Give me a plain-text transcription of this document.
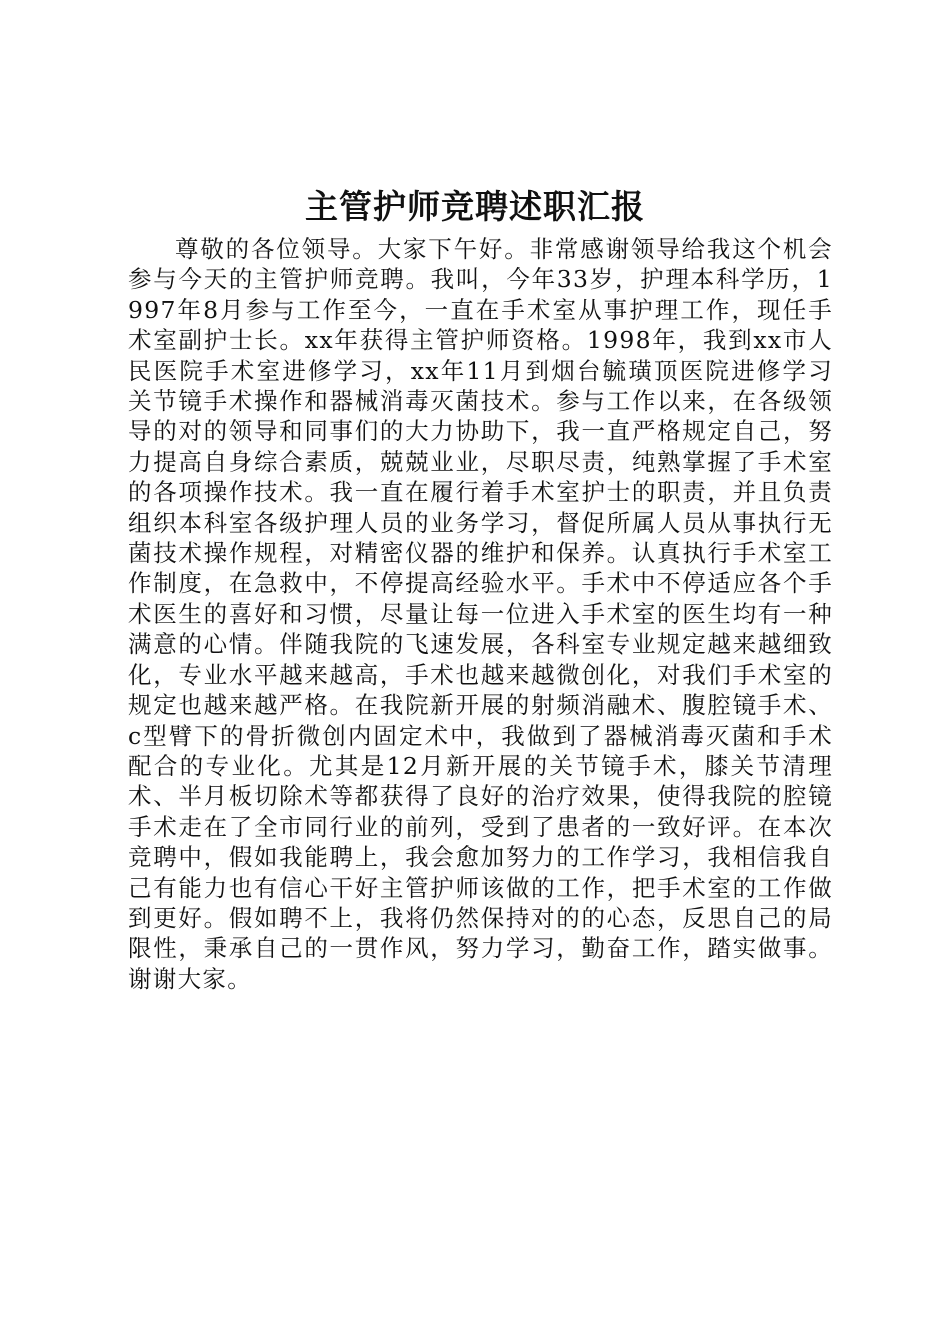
主管护师竞聘述职汇报

尊敬的各位领导。大家下午好。非常感谢领导给我这个机会参与今天的主管护师竞聘。我叫，今年33岁，护理本科学历，1997年8月参与工作至今，一直在手术室从事护理工作，现任手术室副护士长。xx年获得主管护师资格。1998年，我到xx市人民医院手术室进修学习，xx年11月到烟台毓璜顶医院进修学习关节镜手术操作和器械消毒灭菌技术。参与工作以来，在各级领导的对的领导和同事们的大力协助下，我一直严格规定自己，努力提高自身综合素质，兢兢业业，尽职尽责，纯熟掌握了手术室的各项操作技术。我一直在履行着手术室护士的职责，并且负责组织本科室各级护理人员的业务学习，督促所属人员从事执行无菌技术操作规程，对精密仪器的维护和保养。认真执行手术室工作制度，在急救中，不停提高经验水平。手术中不停适应各个手术医生的喜好和习惯，尽量让每一位进入手术室的医生均有一种满意的心情。伴随我院的飞速发展，各科室专业规定越来越细致化，专业水平越来越高，手术也越来越微创化，对我们手术室的规定也越来越严格。在我院新开展的射频消融术、腹腔镜手术、c型臂下的骨折微创内固定术中，我做到了器械消毒灭菌和手术配合的专业化。尤其是12月新开展的关节镜手术，膝关节清理术、半月板切除术等都获得了良好的治疗效果，使得我院的腔镜手术走在了全市同行业的前列，受到了患者的一致好评。在本次竞聘中，假如我能聘上，我会愈加努力的工作学习，我相信我自己有能力也有信心干好主管护师该做的工作，把手术室的工作做到更好。假如聘不上，我将仍然保持对的的心态，反思自己的局限性，秉承自己的一贯作风，努力学习，勤奋工作，踏实做事。谢谢大家。
